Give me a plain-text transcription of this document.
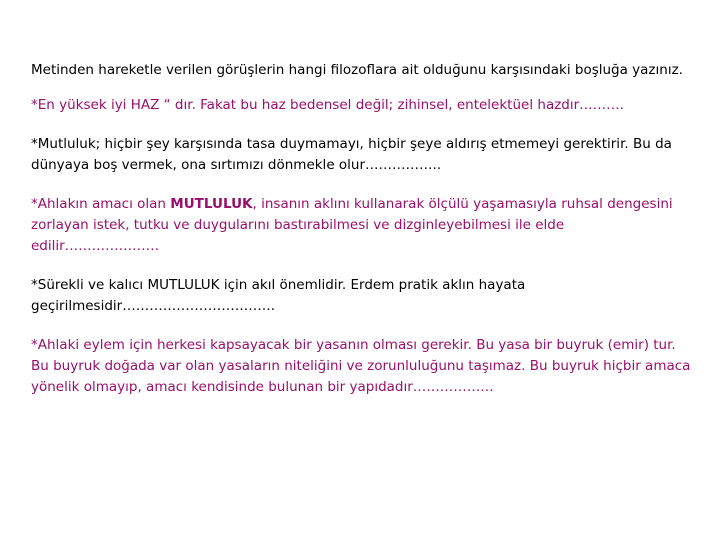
Metinden hareketle verilen görüşlerin hangi filozoflara ait olduğunu karşısındaki boşluğa yazınız.

*En yüksek iyi HAZ “ dır. Fakat bu haz bedensel değil; zihinsel, entelektüel hazdır……….

*Mutluluk; hiçbir şey karşısında tasa duymamayı, hiçbir şeye aldırış etmemeyi gerektirir. Bu da dünyaya boş vermek, ona sırtımızı dönmekle olur……………..

*Ahlakın amacı olan MUTLULUK, insanın aklını kullanarak ölçülü yaşamasıyla ruhsal dengesini zorlayan istek, tutku ve duygularını bastırabilmesi ve dizginleyebilmesi ile elde edilir…………………

*Sürekli ve kalıcı MUTLULUK için akıl önemlidir. Erdem pratik aklın hayata geçirilmesidir…………………………….

*Ahlaki eylem için herkesi kapsayacak bir yasanın olması gerekir. Bu yasa bir buyruk (emir) tur. Bu buyruk doğada var olan yasaların niteliğini ve zorunluluğunu taşımaz. Bu buyruk hiçbir amaca yönelik olmayıp, amacı kendisinde bulunan bir yapıdadır………………
